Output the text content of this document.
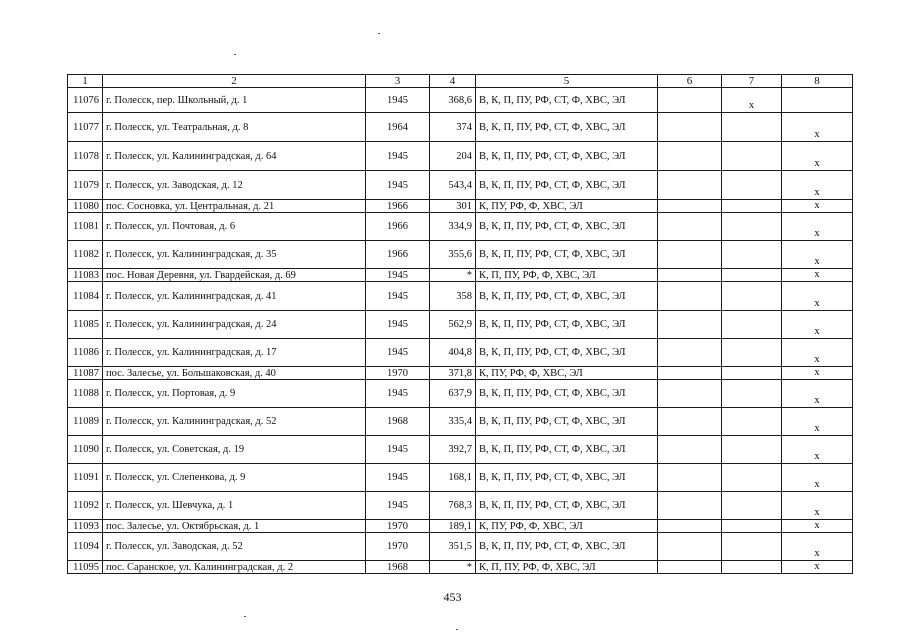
1	2	3	4	5	6	7	8
11076	г. Полесск, пер. Школьный, д. 1	1945	368,6	В, К, П, ПУ, РФ, СТ, Ф, ХВС, ЭЛ		х	
11077	г. Полесск, ул. Театральная, д. 8	1964	374	В, К, П, ПУ, РФ, СТ, Ф, ХВС, ЭЛ			х
11078	г. Полесск, ул. Калининградская, д. 64	1945	204	В, К, П, ПУ, РФ, СТ, Ф, ХВС, ЭЛ			х
11079	г. Полесск, ул. Заводская, д. 12	1945	543,4	В, К, П, ПУ, РФ, СТ, Ф, ХВС, ЭЛ			х
11080	пос. Сосновка, ул. Центральная, д. 21	1966	301	К, ПУ, РФ, Ф, ХВС, ЭЛ			х
11081	г. Полесск, ул. Почтовая, д. 6	1966	334,9	В, К, П, ПУ, РФ, СТ, Ф, ХВС, ЭЛ			х
11082	г. Полесск, ул. Калининградская, д. 35	1966	355,6	В, К, П, ПУ, РФ, СТ, Ф, ХВС, ЭЛ			х
11083	пос. Новая Деревня, ул. Гвардейская, д. 69	1945	*	К, П, ПУ, РФ, Ф, ХВС, ЭЛ			х
11084	г. Полесск, ул. Калининградская, д. 41	1945	358	В, К, П, ПУ, РФ, СТ, Ф, ХВС, ЭЛ			х
11085	г. Полесск, ул. Калининградская, д. 24	1945	562,9	В, К, П, ПУ, РФ, СТ, Ф, ХВС, ЭЛ			х
11086	г. Полесск, ул. Калининградская, д. 17	1945	404,8	В, К, П, ПУ, РФ, СТ, Ф, ХВС, ЭЛ			х
11087	пос. Залесье, ул. Большаковская, д. 40	1970	371,8	К, ПУ, РФ, Ф, ХВС, ЭЛ			х
11088	г. Полесск, ул. Портовая, д. 9	1945	637,9	В, К, П, ПУ, РФ, СТ, Ф, ХВС, ЭЛ			х
11089	г. Полесск, ул. Калининградская, д. 52	1968	335,4	В, К, П, ПУ, РФ, СТ, Ф, ХВС, ЭЛ			х
11090	г. Полесск, ул. Советская, д. 19	1945	392,7	В, К, П, ПУ, РФ, СТ, Ф, ХВС, ЭЛ			х
11091	г. Полесск, ул. Слепенкова, д. 9	1945	168,1	В, К, П, ПУ, РФ, СТ, Ф, ХВС, ЭЛ			х
11092	г. Полесск, ул. Шевчука, д. 1	1945	768,3	В, К, П, ПУ, РФ, СТ, Ф, ХВС, ЭЛ			х
11093	пос. Залесье, ул. Октябрьская, д. 1	1970	189,1	К, ПУ, РФ, Ф, ХВС, ЭЛ			х
11094	г. Полесск, ул. Заводская, д. 52	1970	351,5	В, К, П, ПУ, РФ, СТ, Ф, ХВС, ЭЛ			х
11095	пос. Саранское, ул. Калининградская, д. 2	1968	*	К, П, ПУ, РФ, Ф, ХВС, ЭЛ			х
453
